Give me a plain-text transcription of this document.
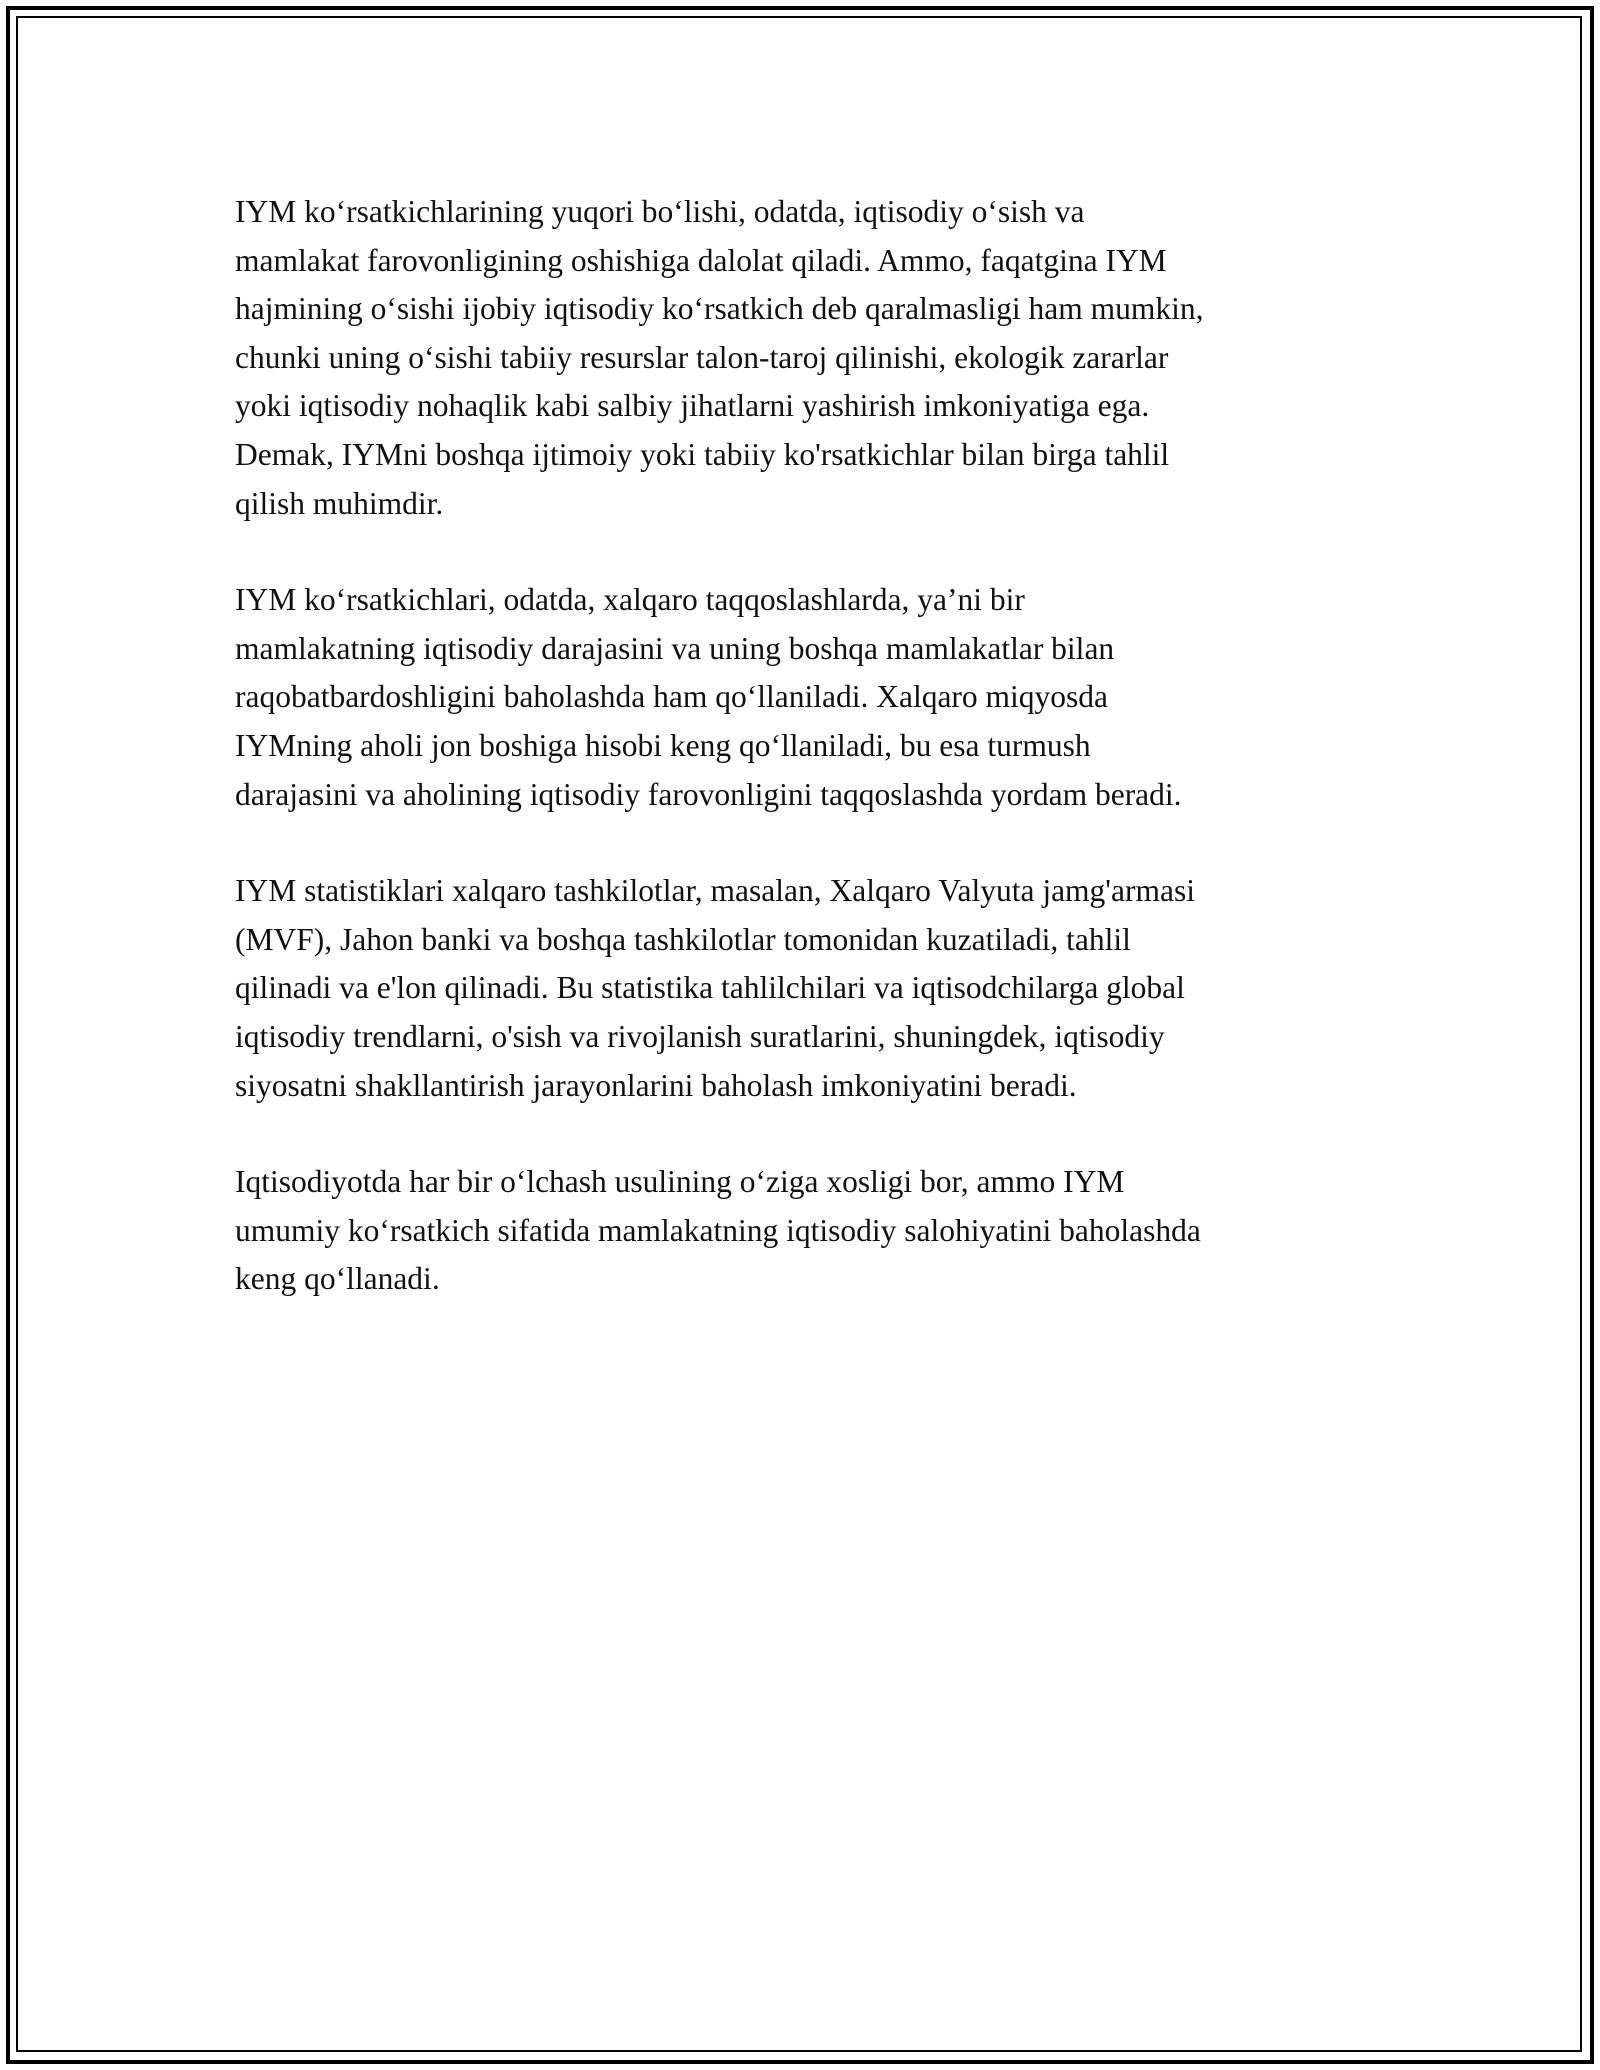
IYM ko‘rsatkichlarining yuqori bo‘lishi, odatda, iqtisodiy o‘sish va
mamlakat farovonligining oshishiga dalolat qiladi. Ammo, faqatgina IYM
hajmining o‘sishi ijobiy iqtisodiy ko‘rsatkich deb qaralmasligi ham mumkin,
chunki uning o‘sishi tabiiy resurslar talon-taroj qilinishi, ekologik zararlar
yoki iqtisodiy nohaqlik kabi salbiy jihatlarni yashirish imkoniyatiga ega.
Demak, IYMni boshqa ijtimoiy yoki tabiiy ko'rsatkichlar bilan birga tahlil
qilish muhimdir.

IYM ko‘rsatkichlari, odatda, xalqaro taqqoslashlarda, ya’ni bir
mamlakatning iqtisodiy darajasini va uning boshqa mamlakatlar bilan
raqobatbardoshligini baholashda ham qo‘llaniladi. Xalqaro miqyosda
IYMning aholi jon boshiga hisobi keng qo‘llaniladi, bu esa turmush
darajasini va aholining iqtisodiy farovonligini taqqoslashda yordam beradi.

IYM statistiklari xalqaro tashkilotlar, masalan, Xalqaro Valyuta jamg'armasi
(MVF), Jahon banki va boshqa tashkilotlar tomonidan kuzatiladi, tahlil
qilinadi va e'lon qilinadi. Bu statistika tahlilchilari va iqtisodchilarga global
iqtisodiy trendlarni, o'sish va rivojlanish suratlarini, shuningdek, iqtisodiy
siyosatni shakllantirish jarayonlarini baholash imkoniyatini beradi.

Iqtisodiyotda har bir o‘lchash usulining o‘ziga xosligi bor, ammo IYM
umumiy ko‘rsatkich sifatida mamlakatning iqtisodiy salohiyatini baholashda
keng qo‘llanadi.
